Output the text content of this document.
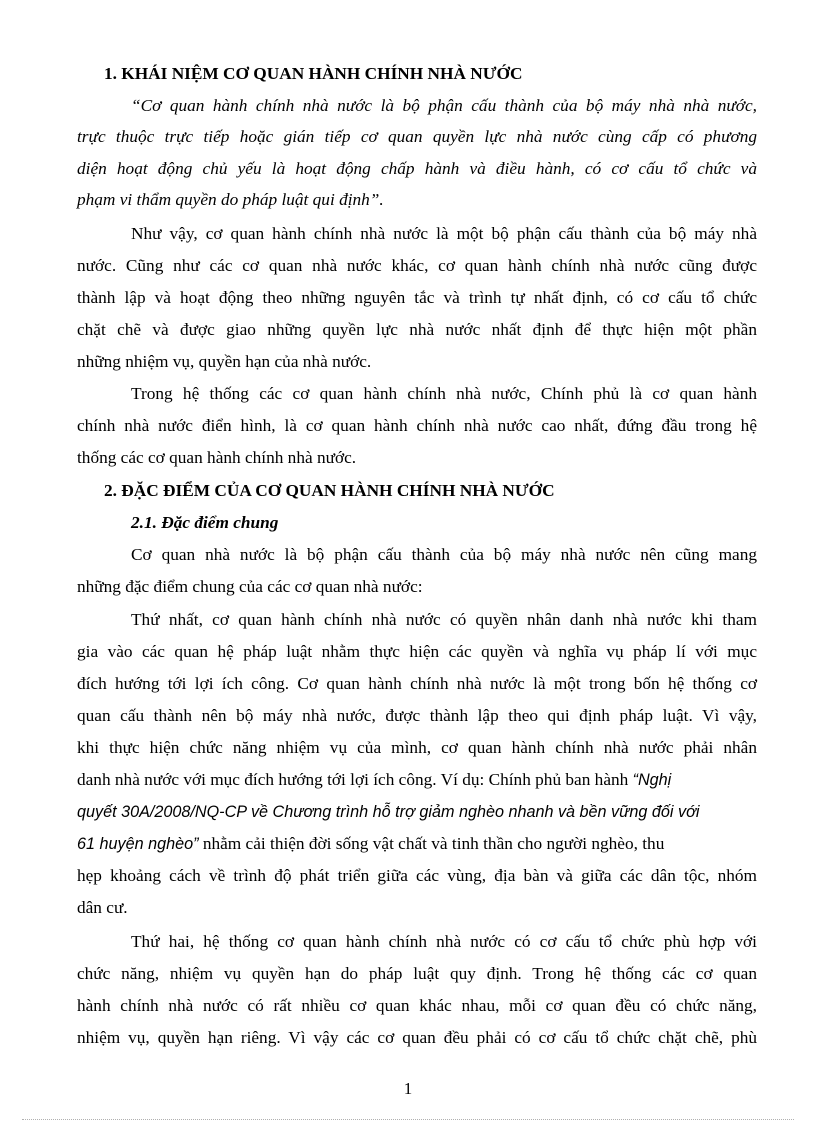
1. KHÁI NIỆM CƠ QUAN HÀNH CHÍNH NHÀ NƯỚC
“Cơ quan hành chính nhà nước là bộ phận cấu thành của bộ máy nhà nhà nước,
trực thuộc trực tiếp hoặc gián tiếp cơ quan quyền lực nhà nước cùng cấp có phương
diện hoạt động chủ yếu là hoạt động chấp hành và điều hành, có cơ cấu tổ chức và
phạm vi thẩm quyền do pháp luật qui định”.
Như vậy, cơ quan hành chính nhà nước là một bộ phận cấu thành của bộ máy nhà
nước. Cũng như các cơ quan nhà nước khác, cơ quan hành chính nhà nước cũng được
thành lập và hoạt động theo những nguyên tắc và trình tự nhất định, có cơ cấu tổ chức
chặt chẽ và được giao những quyền lực nhà nước nhất định để thực hiện một phần
những nhiệm vụ, quyền hạn của nhà nước.
Trong hệ thống các cơ quan hành chính nhà nước, Chính phủ là cơ quan hành
chính nhà nước điển hình, là cơ quan hành chính nhà nước cao nhất, đứng đầu trong hệ
thống các cơ quan hành chính nhà nước.
2. ĐẶC ĐIỂM CỦA CƠ QUAN HÀNH CHÍNH NHÀ NƯỚC
2.1. Đặc điểm chung
Cơ quan nhà nước là bộ phận cấu thành của bộ máy nhà nước nên cũng mang
những đặc điểm chung của các cơ quan nhà nước:
Thứ nhất, cơ quan hành chính nhà nước có quyền nhân danh nhà nước khi tham
gia vào các quan hệ pháp luật nhằm thực hiện các quyền và nghĩa vụ pháp lí với mục
đích hướng tới lợi ích công. Cơ quan hành chính nhà nước là một trong bốn hệ thống cơ
quan cấu thành nên bộ máy nhà nước, được thành lập theo qui định pháp luật. Vì vậy,
khi thực hiện chức năng nhiệm vụ của mình, cơ quan hành chính nhà nước phải nhân
danh nhà nước với mục đích hướng tới lợi ích công. Ví dụ: Chính phủ ban hành “Nghị
quyết 30A/2008/NQ-CP về Chương trình hỗ trợ giảm nghèo nhanh và bền vững đối với
61 huyện nghèo” nhằm cải thiện đời sống vật chất và tinh thần cho người nghèo, thu
hẹp khoảng cách về trình độ phát triển giữa các vùng, địa bàn và giữa các dân tộc, nhóm
dân cư.
Thứ hai, hệ thống cơ quan hành chính nhà nước có cơ cấu tổ chức phù hợp với
chức năng, nhiệm vụ quyền hạn do pháp luật quy định. Trong hệ thống các cơ quan
hành chính nhà nước có rất nhiều cơ quan khác nhau, mỗi cơ quan đều có chức năng,
nhiệm vụ, quyền hạn riêng. Vì vậy các cơ quan đều phải có cơ cấu tổ chức chặt chẽ, phù
1
